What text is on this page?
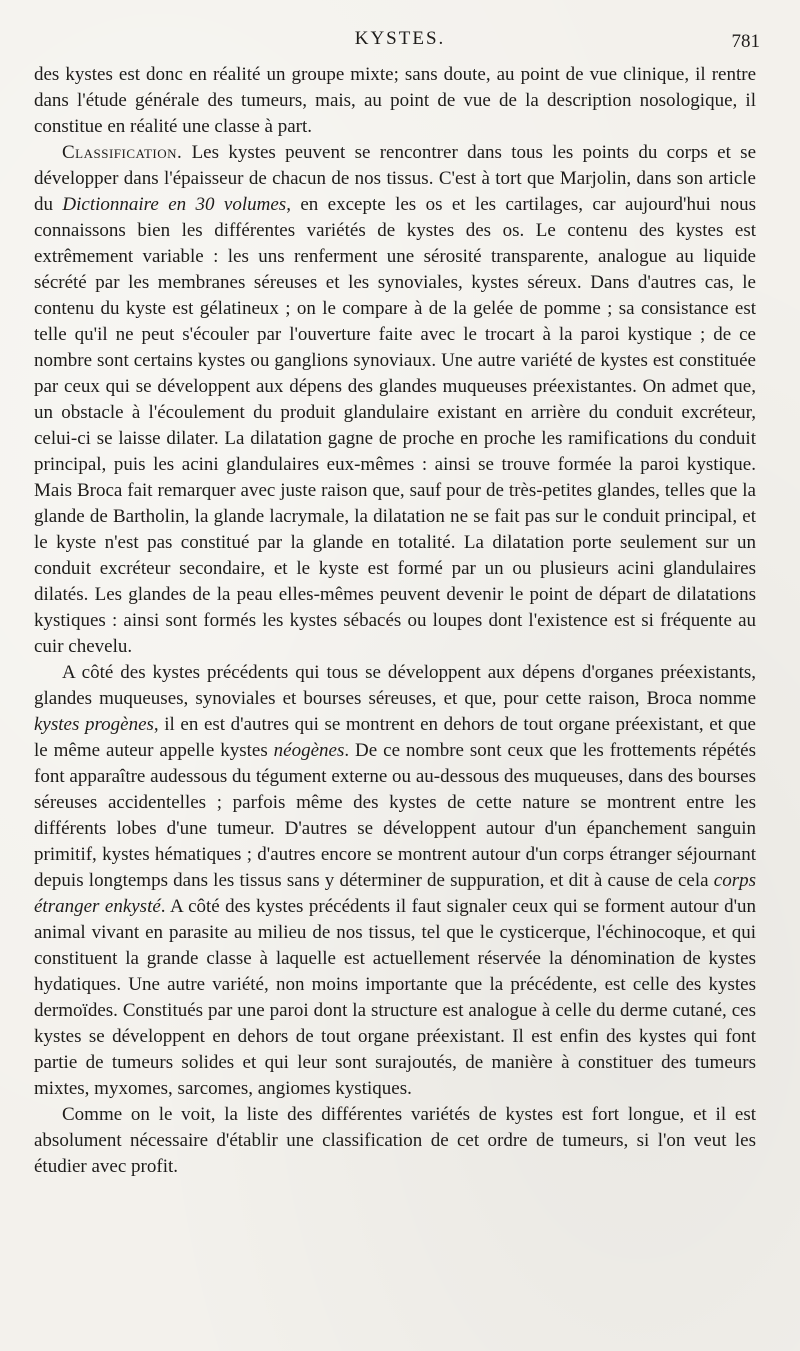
KYSTES.	781

des kystes est donc en réalité un groupe mixte; sans doute, au point de vue clinique, il rentre dans l'étude générale des tumeurs, mais, au point de vue de la description nosologique, il constitue en réalité une classe à part.

Classification. Les kystes peuvent se rencontrer dans tous les points du corps et se développer dans l'épaisseur de chacun de nos tissus. C'est à tort que Marjolin, dans son article du Dictionnaire en 30 volumes, en excepte les os et les cartilages, car aujourd'hui nous connaissons bien les différentes variétés de kystes des os. Le contenu des kystes est extrêmement variable : les uns renferment une sérosité transparente, analogue au liquide sécrété par les membranes séreuses et les synoviales, kystes séreux. Dans d'autres cas, le contenu du kyste est gélatineux ; on le compare à de la gelée de pomme ; sa consistance est telle qu'il ne peut s'écouler par l'ouverture faite avec le trocart à la paroi kystique ; de ce nombre sont certains kystes ou ganglions synoviaux. Une autre variété de kystes est constituée par ceux qui se développent aux dépens des glandes muqueuses préexistantes. On admet que, un obstacle à l'écoulement du produit glandulaire existant en arrière du conduit excréteur, celui-ci se laisse dilater. La dilatation gagne de proche en proche les ramifications du conduit principal, puis les acini glandulaires eux-mêmes : ainsi se trouve formée la paroi kystique. Mais Broca fait remarquer avec juste raison que, sauf pour de très-petites glandes, telles que la glande de Bartholin, la glande lacrymale, la dilatation ne se fait pas sur le conduit principal, et le kyste n'est pas constitué par la glande en totalité. La dilatation porte seulement sur un conduit excréteur secondaire, et le kyste est formé par un ou plusieurs acini glandulaires dilatés. Les glandes de la peau elles-mêmes peuvent devenir le point de départ de dilatations kystiques : ainsi sont formés les kystes sébacés ou loupes dont l'existence est si fréquente au cuir chevelu.

A côté des kystes précédents qui tous se développent aux dépens d'organes préexistants, glandes muqueuses, synoviales et bourses séreuses, et que, pour cette raison, Broca nomme kystes progènes, il en est d'autres qui se montrent en dehors de tout organe préexistant, et que le même auteur appelle kystes néogènes. De ce nombre sont ceux que les frottements répétés font apparaître audessous du tégument externe ou au-dessous des muqueuses, dans des bourses séreuses accidentelles ; parfois même des kystes de cette nature se montrent entre les différents lobes d'une tumeur. D'autres se développent autour d'un épanchement sanguin primitif, kystes hématiques ; d'autres encore se montrent autour d'un corps étranger séjournant depuis longtemps dans les tissus sans y déterminer de suppuration, et dit à cause de cela corps étranger enkysté. A côté des kystes précédents il faut signaler ceux qui se forment autour d'un animal vivant en parasite au milieu de nos tissus, tel que le cysticerque, l'échinocoque, et qui constituent la grande classe à laquelle est actuellement réservée la dénomination de kystes hydatiques. Une autre variété, non moins importante que la précédente, est celle des kystes dermoïdes. Constitués par une paroi dont la structure est analogue à celle du derme cutané, ces kystes se développent en dehors de tout organe préexistant. Il est enfin des kystes qui font partie de tumeurs solides et qui leur sont surajoutés, de manière à constituer des tumeurs mixtes, myxomes, sarcomes, angiomes kystiques.

Comme on le voit, la liste des différentes variétés de kystes est fort longue, et il est absolument nécessaire d'établir une classification de cet ordre de tumeurs, si l'on veut les étudier avec profit.
